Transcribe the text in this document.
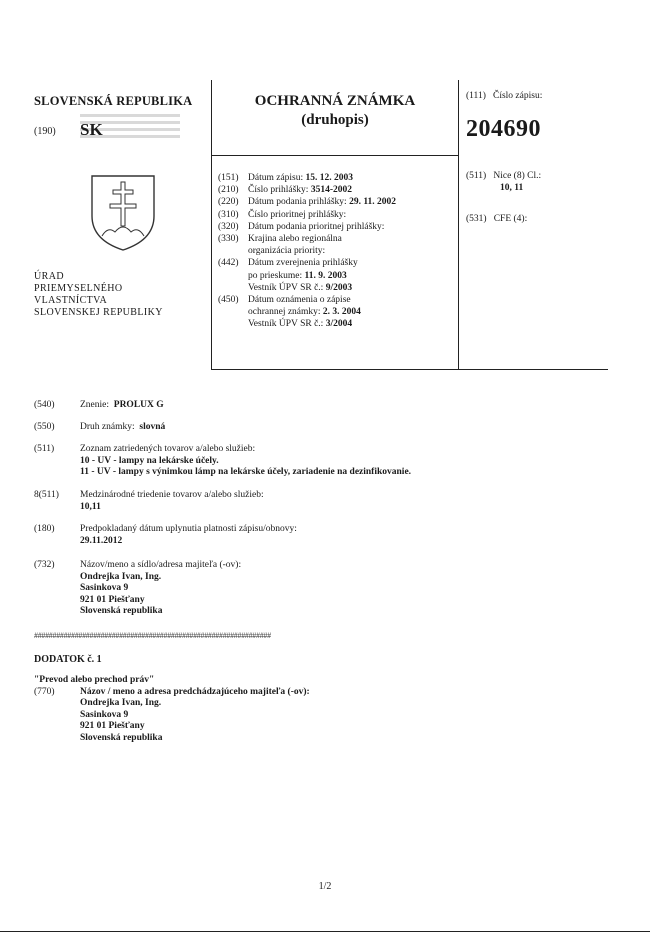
SLOVENSKÁ REPUBLIKA
(190) SK
ÚRAD
PRIEMYSELNÉHO
VLASTNÍCTVA
SLOVENSKEJ REPUBLIKY
OCHRANNÁ ZNÁMKA
(druhopis)
(151) Dátum zápisu: 15. 12. 2003
(210) Číslo prihlášky: 3514-2002
(220) Dátum podania prihlášky: 29. 11. 2002
(310) Číslo prioritnej prihlášky:
(320) Dátum podania prioritnej prihlášky:
(330) Krajina alebo regionálna
organizácia priority:
(442) Dátum zverejnenia prihlášky
po prieskume: 11. 9. 2003
Vestník ÚPV SR č.: 9/2003
(450) Dátum oznámenia o zápise
ochrannej známky: 2. 3. 2004
Vestník ÚPV SR č.: 3/2004
(111) Číslo zápisu:
204690
(511) Nice (8) Cl.:
10, 11
(531) CFE (4):
(540)	Znenie: PROLUX G
(550)	Druh známky: slovná
(511)	Zoznam zatriedených tovarov a/alebo služieb:
10 - UV - lampy na lekárske účely.
11 - UV - lampy s výnimkou lámp na lekárske účely, zariadenie na dezinfikovanie.
8(511)	Medzinárodné triedenie tovarov a/alebo služieb:
10,11
(180)	Predpokladaný dátum uplynutia platnosti zápisu/obnovy:
29.11.2012
(732)	Názov/meno a sídlo/adresa majiteľa (-ov):
Ondrejka Ivan, Ing.
Sasinkova 9
921 01 Piešťany
Slovenská republika
################################################################
DODATOK č. 1
"Prevod alebo prechod práv"
(770)	Názov / meno a adresa predchádzajúceho majiteľa (-ov):
Ondrejka Ivan, Ing.
Sasinkova 9
921 01 Piešťany
Slovenská republika
1/2
